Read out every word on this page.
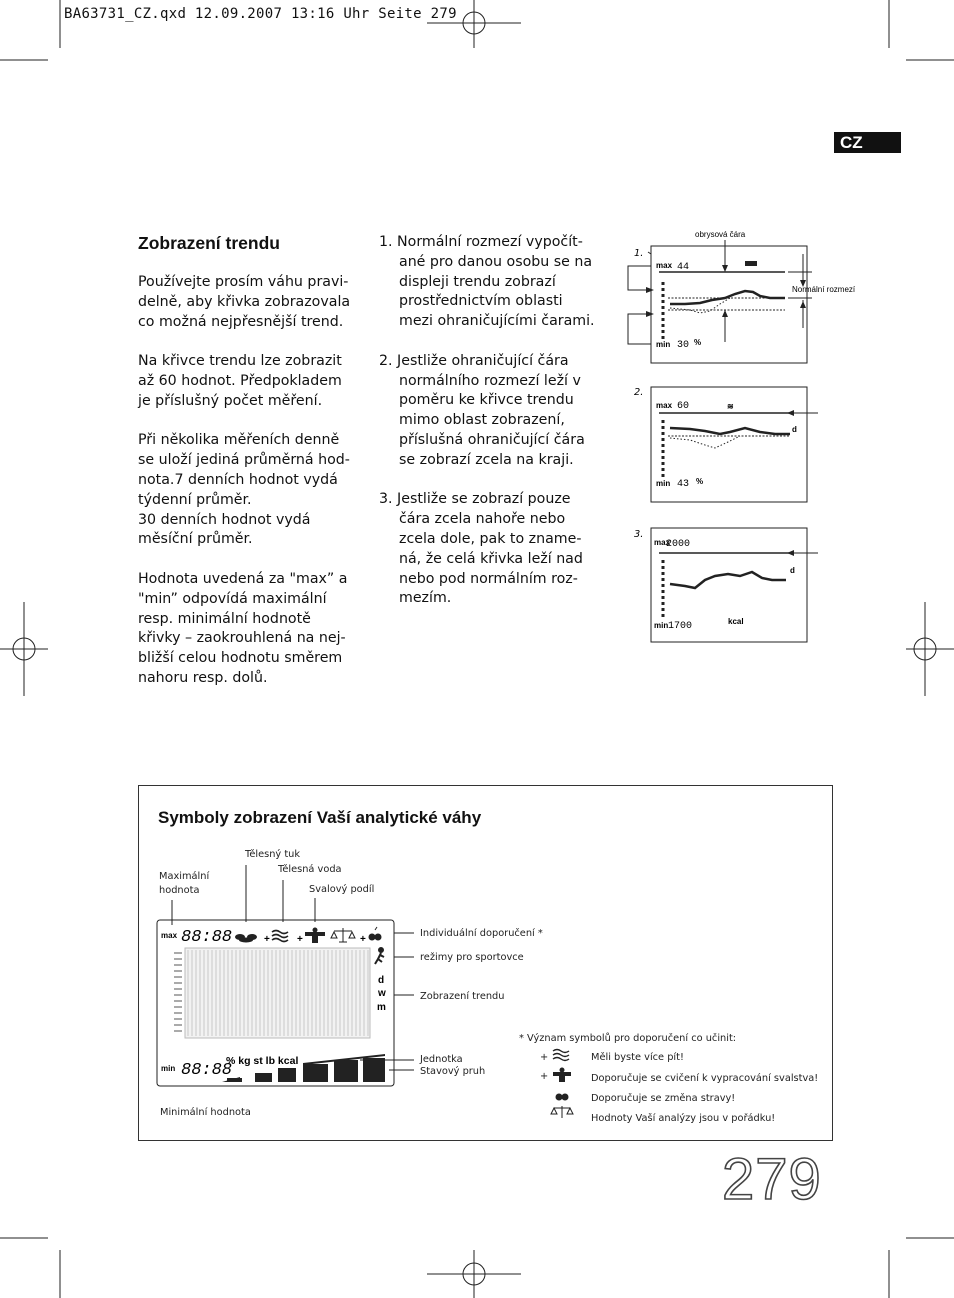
BA63731_CZ.qxd 12.09.2007 13:16 Uhr Seite 279
CZ
Zobrazení trendu

Používejte prosím váhu pravi-
delně, aby křivka zobrazovala
co možná nejpřesnější trend.

Na křivce trendu lze zobrazit
až 60 hodnot. Předpokladem
je příslušný počet měření.

Při několika měřeních denně
se uloží jediná průměrná hod-
nota.7 denních hodnot vydá
týdenní průměr.
30 denních hodnot vydá
měsíční průměr.

Hodnota uvedená za "max” a
"min” odpovídá maximální
resp. minimální hodnotě
křivky – zaokrouhlená na nej-
bližší celou hodnotu směrem
nahoru resp. dolů.

1. Normální rozmezí vypočít-
ané pro danou osobu se na
displeji trendu zobrazí
prostřednictvím oblasti
mezi ohraničujícími čarami.

2. Jestliže ohraničující čára
normálního rozmezí leží v
poměru ke křivce trendu
mimo oblast zobrazení,
příslušná ohraničující čára
se zobrazí zcela na kraji.

3. Jestliže se zobrazí pouze
čára zcela nahoře nebo
zcela dole, pak to zname-
ná, že celá křivka leží nad
nebo pod normálním roz-
mezím.

max 44
min 30 %
1.
obrysová čára
Normální rozmezí
max 60	≋
d
min 43 %
2.
max
2000
d
min 1700	kcal
3.
Symboly zobrazení Vaší analytické váhy
max 88:88	+	+	+
d
w
m
min 88:88
% kg st lb kcal
Maximální
hodnota
Tělesný tuk
Tělesná voda
Svalový podíl
Individuální doporučení *
režimy pro sportovce
Zobrazení trendu
Jednotka
Stavový pruh
Minimální hodnota
* Význam symbolů pro doporučení co učinit:
+	Měli byste více pít!
+	Doporučuje se cvičení k vypracování svalstva!
Doporučuje se změna stravy!
Hodnoty Vaší analýzy jsou v pořádku!
279
